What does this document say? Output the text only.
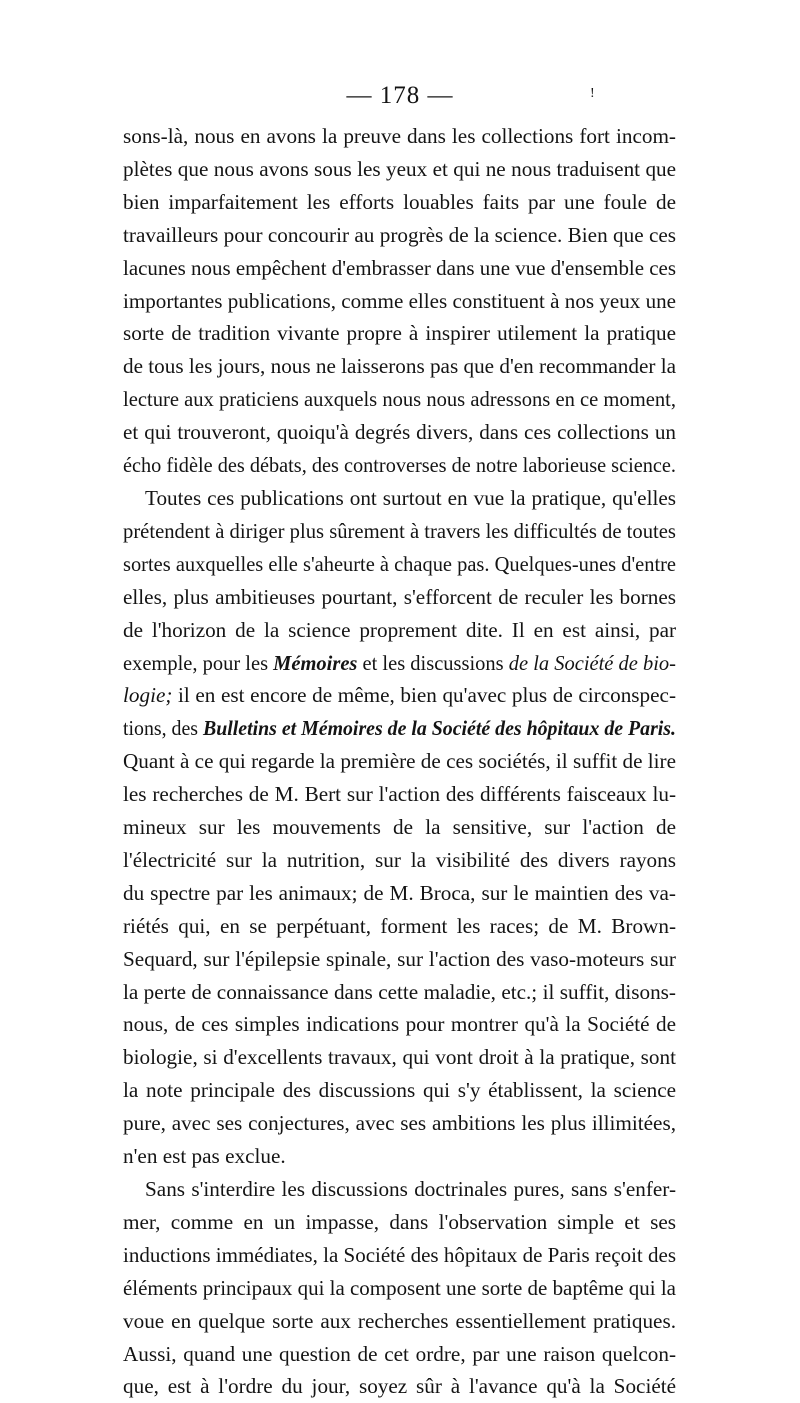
— 178 —	!
sons-là, nous en avons la preuve dans les collections fort incom-
plètes que nous avons sous les yeux et qui ne nous traduisent que
bien imparfaitement les efforts louables faits par une foule de
travailleurs pour concourir au progrès de la science. Bien que ces
lacunes nous empêchent d'embrasser dans une vue d'ensemble ces
importantes publications, comme elles constituent à nos yeux une
sorte de tradition vivante propre à inspirer utilement la pratique
de tous les jours, nous ne laisserons pas que d'en recommander la
lecture aux praticiens auxquels nous nous adressons en ce moment,
et qui trouveront, quoiqu'à degrés divers, dans ces collections un
écho fidèle des débats, des controverses de notre laborieuse science.
Toutes ces publications ont surtout en vue la pratique, qu'elles
prétendent à diriger plus sûrement à travers les difficultés de toutes
sortes auxquelles elle s'aheurte à chaque pas. Quelques-unes d'entre
elles, plus ambitieuses pourtant, s'efforcent de reculer les bornes
de l'horizon de la science proprement dite. Il en est ainsi, par
exemple, pour les Mémoires et les discussions de la Société de bio-
logie; il en est encore de même, bien qu'avec plus de circonspec-
tions, des Bulletins et Mémoires de la Société des hôpitaux de Paris.
Quant à ce qui regarde la première de ces sociétés, il suffit de lire
les recherches de M. Bert sur l'action des différents faisceaux lu-
mineux sur les mouvements de la sensitive, sur l'action de
l'électricité sur la nutrition, sur la visibilité des divers rayons
du spectre par les animaux; de M. Broca, sur le maintien des va-
riétés qui, en se perpétuant, forment les races; de M. Brown-
Sequard, sur l'épilepsie spinale, sur l'action des vaso-moteurs sur
la perte de connaissance dans cette maladie, etc.; il suffit, disons-
nous, de ces simples indications pour montrer qu'à la Société de
biologie, si d'excellents travaux, qui vont droit à la pratique, sont
la note principale des discussions qui s'y établissent, la science
pure, avec ses conjectures, avec ses ambitions les plus illimitées,
n'en est pas exclue.
Sans s'interdire les discussions doctrinales pures, sans s'enfer-
mer, comme en un impasse, dans l'observation simple et ses
inductions immédiates, la Société des hôpitaux de Paris reçoit des
éléments principaux qui la composent une sorte de baptême qui la
voue en quelque sorte aux recherches essentiellement pratiques.
Aussi, quand une question de cet ordre, par une raison quelcon-
que, est à l'ordre du jour, soyez sûr à l'avance qu'à la Société
